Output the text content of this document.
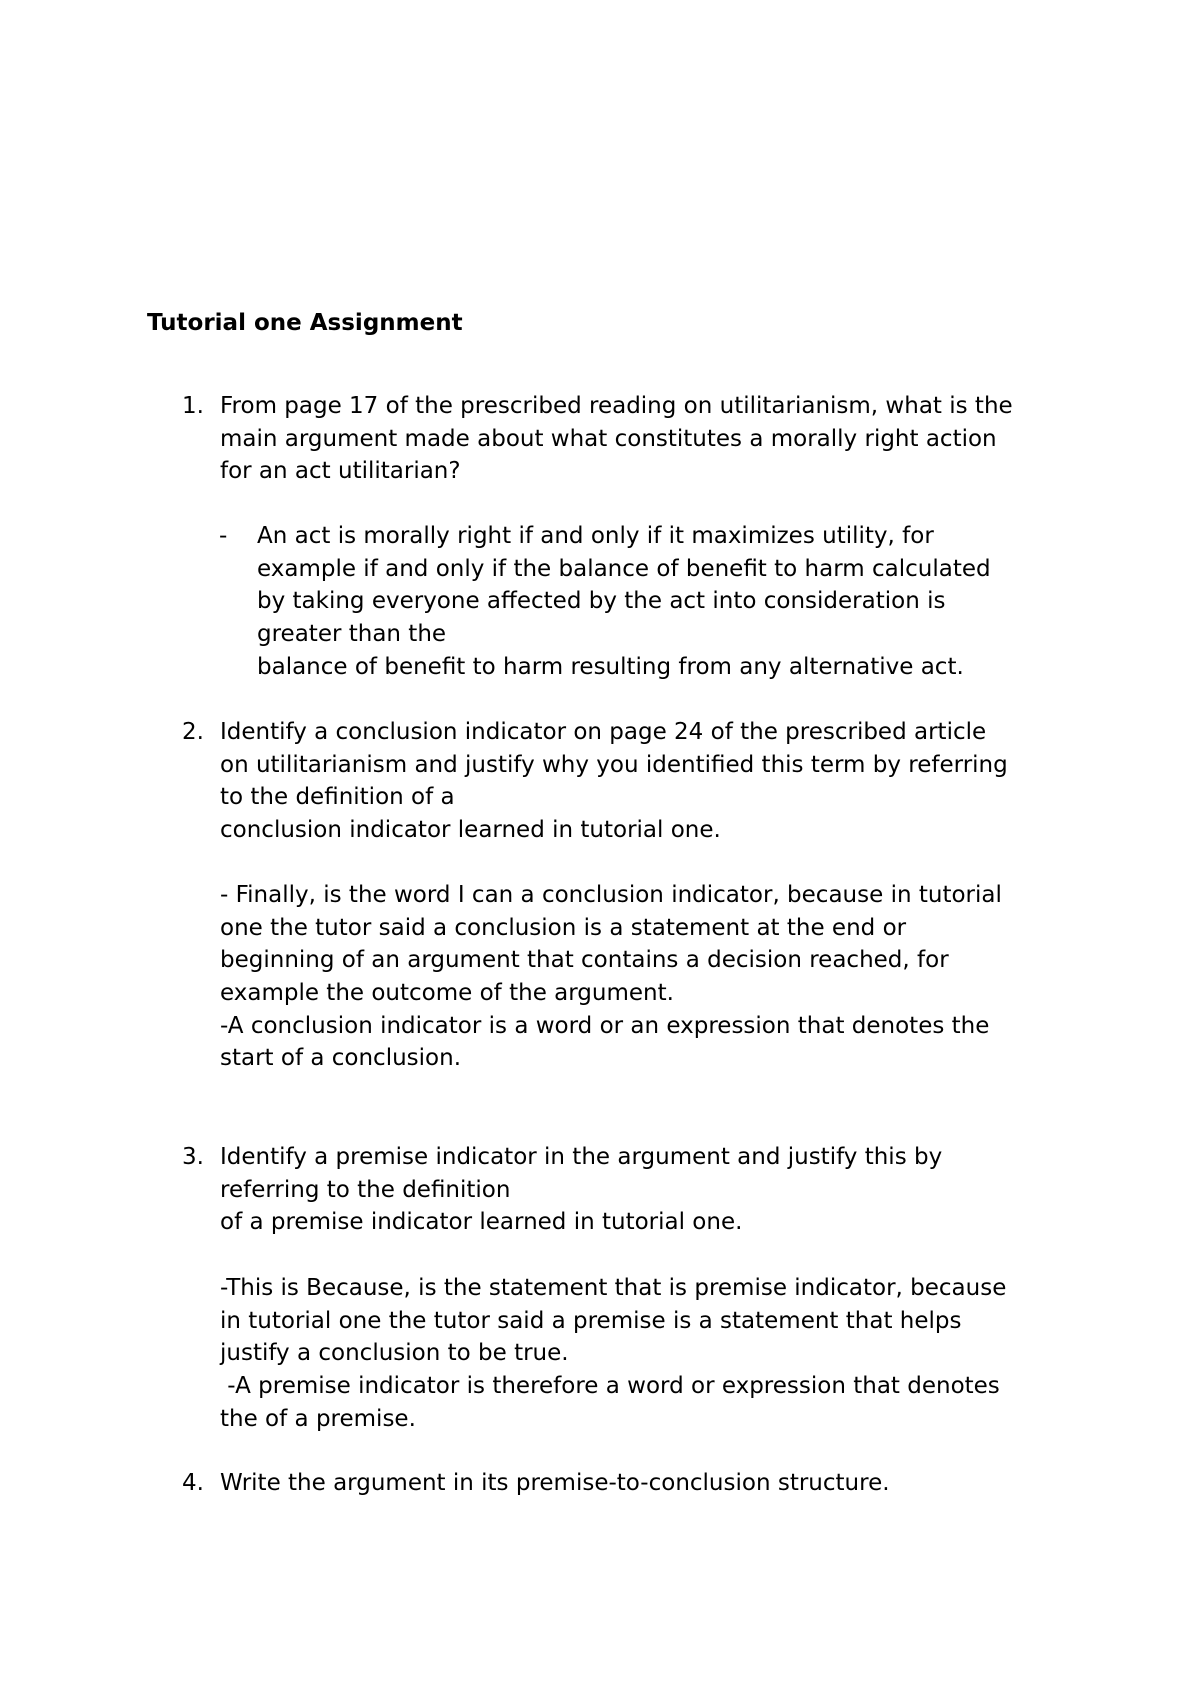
Tutorial one Assignment
1. From page 17 of the prescribed reading on utilitarianism, what is the
main argument made about what constitutes a morally right action
for an act utilitarian?
- An act is morally right if and only if it maximizes utility, for
example if and only if the balance of benefit to harm calculated
by taking everyone affected by the act into consideration is
greater than the
balance of benefit to harm resulting from any alternative act.
2. Identify a conclusion indicator on page 24 of the prescribed article
on utilitarianism and justify why you identified this term by referring
to the definition of a
conclusion indicator learned in tutorial one.
- Finally, is the word I can a conclusion indicator, because in tutorial
one the tutor said a conclusion is a statement at the end or
beginning of an argument that contains a decision reached, for
example the outcome of the argument.
-A conclusion indicator is a word or an expression that denotes the
start of a conclusion.
3. Identify a premise indicator in the argument and justify this by
referring to the definition
of a premise indicator learned in tutorial one.
-This is Because, is the statement that is premise indicator, because
in tutorial one the tutor said a premise is a statement that helps
justify a conclusion to be true.
-A premise indicator is therefore a word or expression that denotes
the of a premise.
4. Write the argument in its premise-to-conclusion structure.
